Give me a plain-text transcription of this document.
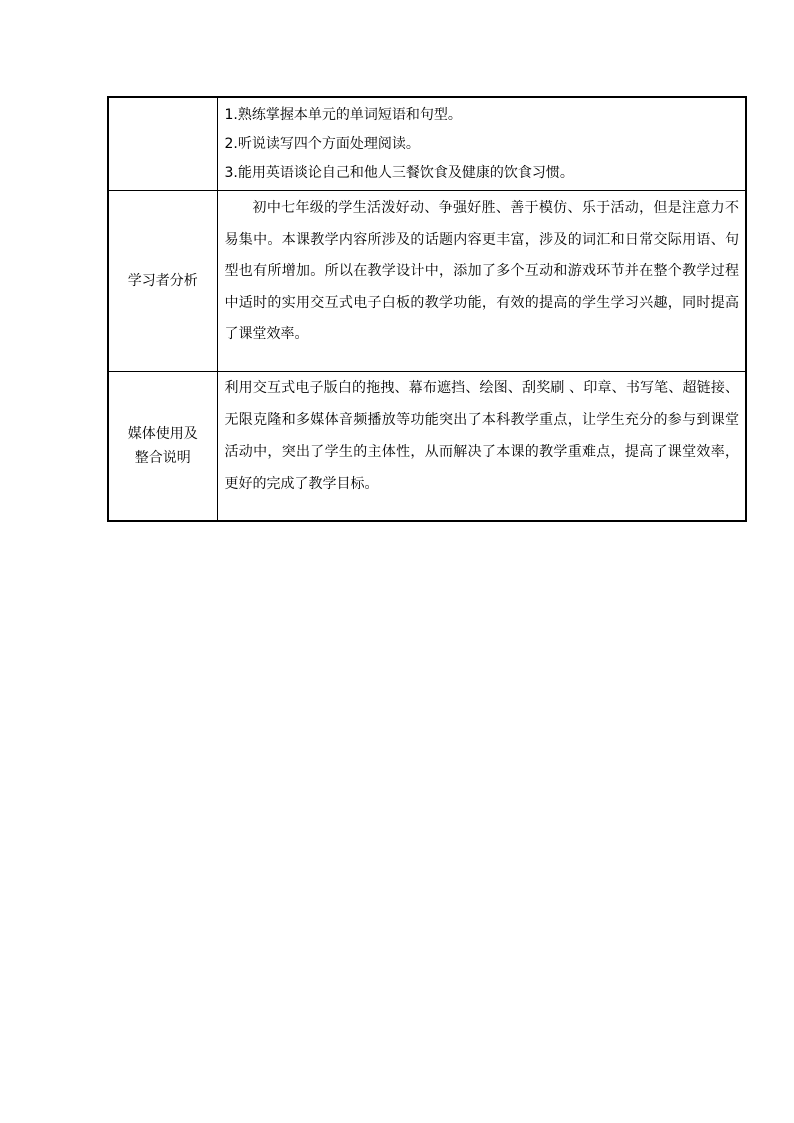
	1.熟练掌握本单元的单词短语和句型。
2.听说读写四个方面处理阅读。
3.能用英语谈论自己和他人三餐饮食及健康的饮食习惯。

学习者分析	初中七年级的学生活泼好动、争强好胜、善于模仿、乐于活动，但是注意力不易集中。本课教学内容所涉及的话题内容更丰富，涉及的词汇和日常交际用语、句型也有所增加。所以在教学设计中，添加了多个互动和游戏环节并在整个教学过程中适时的实用交互式电子白板的教学功能，有效的提高的学生学习兴趣，同时提高了课堂效率。

媒体使用及
整合说明	利用交互式电子版白的拖拽、幕布遮挡、绘图、刮奖刷 、印章、书写笔、超链接、无限克隆和多媒体音频播放等功能突出了本科教学重点，让学生充分的参与到课堂活动中，突出了学生的主体性，从而解决了本课的教学重难点，提高了课堂效率，更好的完成了教学目标。
